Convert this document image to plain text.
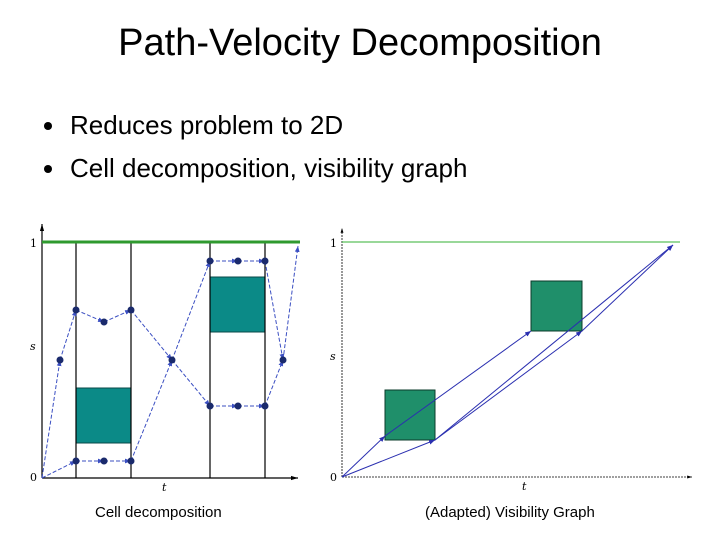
Path-Velocity Decomposition
Reduces problem to 2D
Cell decomposition, visibility graph
1
0
s
t
1
0
s
t
Cell decomposition	(Adapted) Visibility Graph
